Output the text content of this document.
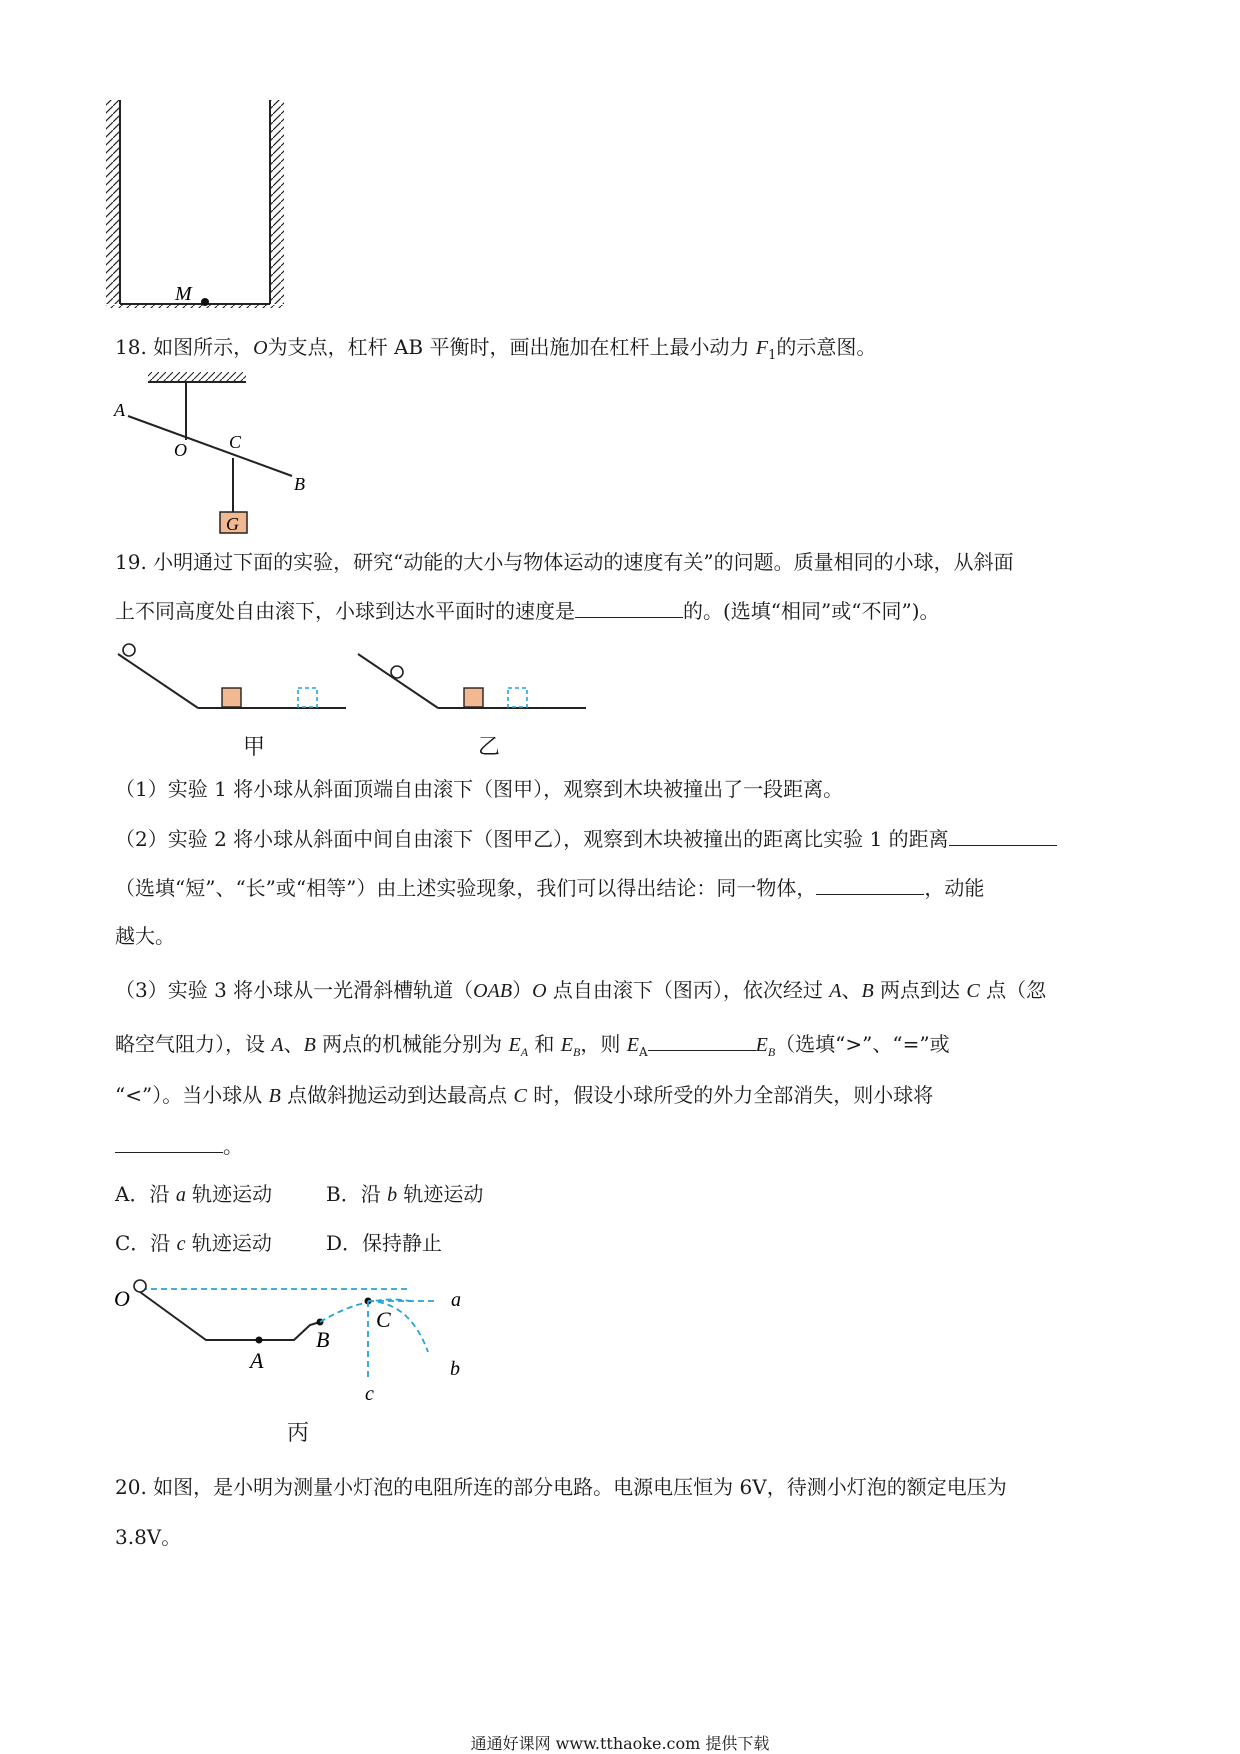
M
18. 如图所示，O为支点，杠杆 AB 平衡时，画出施加在杠杆上最小动力 $F_1$的示意图。
G
A
O C
B
19. 小明通过下面的实验，研究“动能的大小与物体运动的速度有关”的问题。质量相同的小球，从斜面
上不同高度处自由滚下，小球到达水平面时的速度是	的。(选填“相同”或“不同”)。
甲	乙
（1）实验 1 将小球从斜面顶端自由滚下（图甲），观察到木块被撞出了一段距离。
（2）实验 2 将小球从斜面中间自由滚下（图甲乙），观察到木块被撞出的距离比实验 1 的距离
（选填“短”、“长”或“相等”）由上述实验现象，我们可以得出结论：同一物体，	，动能
越大。
（3）实验 3 将小球从一光滑斜槽轨道（OAB）O 点自由滚下（图丙），依次经过 A、B 两点到达 C 点（忽
略空气阻力），设 A、B 两点的机械能分别为 $E_A$ 和 $E_B$，则 $E_A$	$E_B$（选填“>”、“=”或
“<”）。当小球从 B 点做斜抛运动到达最高点 C 时，假设小球所受的外力全部消失，则小球将
。
A．沿 a 轨迹运动	B．沿 b 轨迹运动
C．沿 c 轨迹运动	D．保持静止
O
A
B
C
a
b
c
丙
20. 如图，是小明为测量小灯泡的电阻所连的部分电路。电源电压恒为 6V，待测小灯泡的额定电压为
3.8V。
通通好课网 www.tthaoke.com 提供下载
